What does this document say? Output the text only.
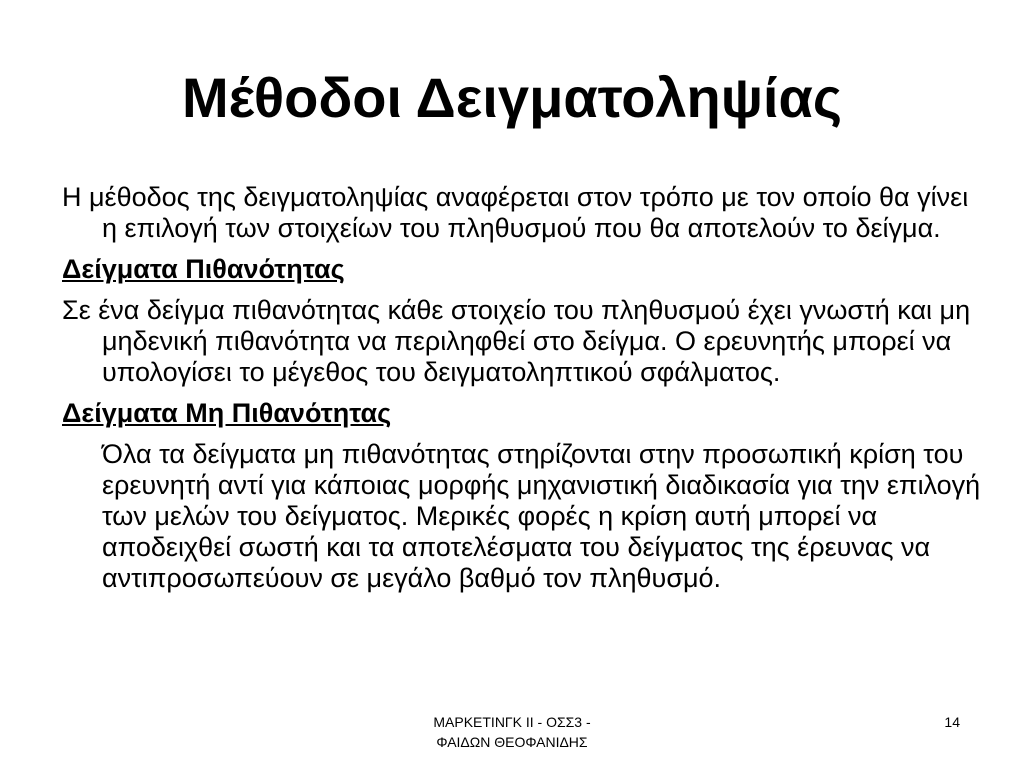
Μέθοδοι Δειγματοληψίας

Η μέθοδος της δειγματοληψίας αναφέρεται στον τρόπο με τον οποίο θα γίνει η επιλογή των στοιχείων του πληθυσμού που θα αποτελούν το δείγμα.

Δείγματα Πιθανότητας

Σε ένα δείγμα πιθανότητας κάθε στοιχείο του πληθυσμού έχει γνωστή και μη μηδενική πιθανότητα να περιληφθεί στο δείγμα. Ο ερευνητής μπορεί να υπολογίσει το μέγεθος του δειγματοληπτικού σφάλματος.

Δείγματα Μη Πιθανότητας

Όλα τα δείγματα μη πιθανότητας στηρίζονται στην προσωπική κρίση του ερευνητή αντί για κάποιας μορφής μηχανιστική διαδικασία για την επιλογή των μελών του δείγματος. Μερικές φορές η κρίση αυτή μπορεί να αποδειχθεί σωστή και τα αποτελέσματα του δείγματος της έρευνας να αντιπροσωπεύουν σε μεγάλο βαθμό τον πληθυσμό.

ΜΑΡΚΕΤΙΝΓΚ ΙΙ - ΟΣΣ3 -
ΦΑΙΔΩΝ ΘΕΟΦΑΝΙΔΗΣ
14
